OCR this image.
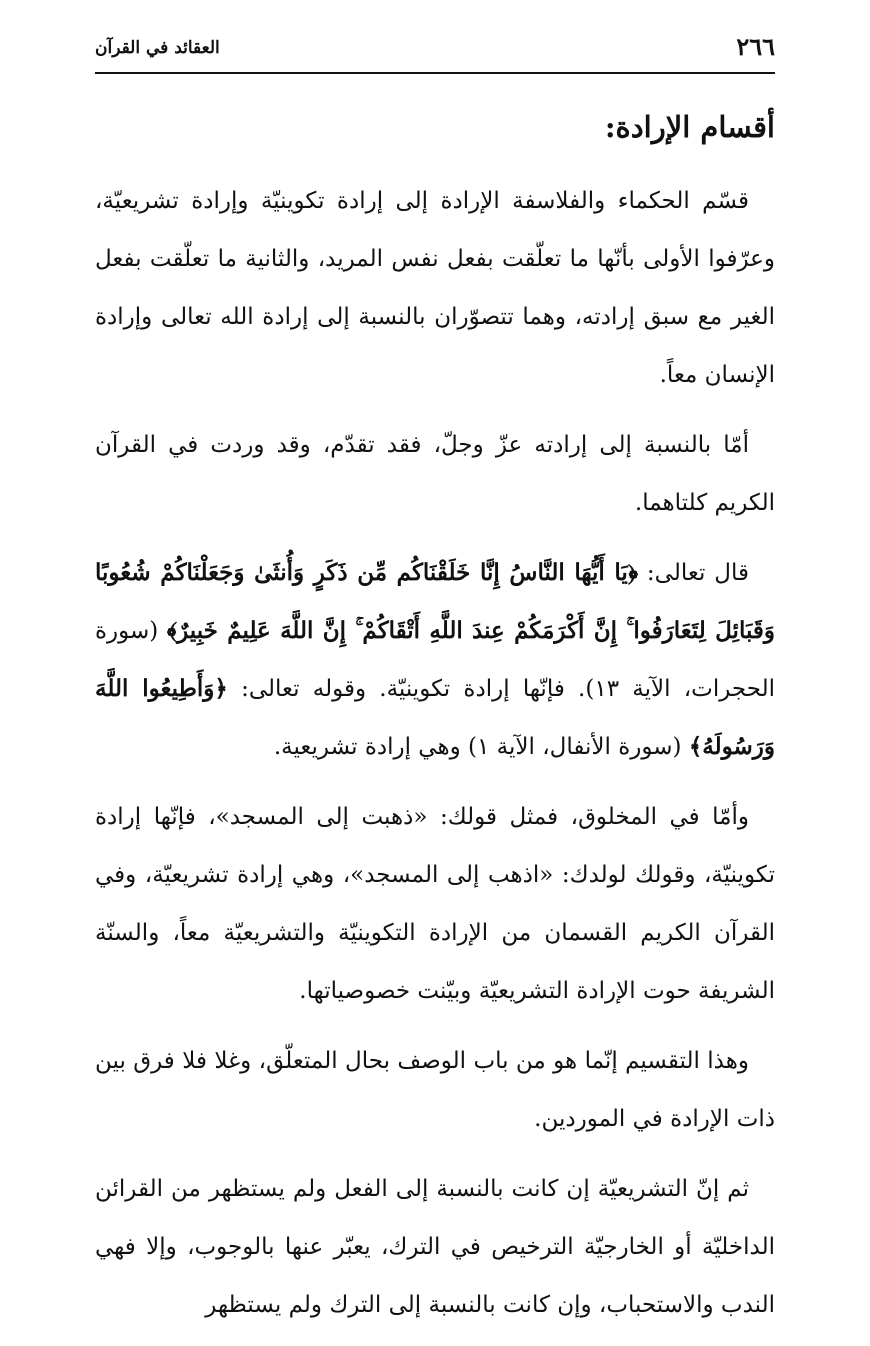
٢٦٦
العقائد في القرآن
أقسام الإرادة:

قسّم الحكماء والفلاسفة الإرادة إلى إرادة تكوينيّة وإرادة تشريعيّة، وعرّفوا الأولى بأنّها ما تعلّقت بفعل نفس المريد، والثانية ما تعلّقت بفعل الغير مع سبق إرادته، وهما تتصوّران بالنسبة إلى إرادة الله تعالى وإرادة الإنسان معاً.

أمّا بالنسبة إلى إرادته عزّ وجلّ، فقد تقدّم، وقد وردت في القرآن الكريم كلتاهما.

قال تعالى: ﴿يَا أَيُّهَا النَّاسُ إِنَّا خَلَقْنَاكُم مِّن ذَكَرٍ وَأُنثَىٰ وَجَعَلْنَاكُمْ شُعُوبًا وَقَبَائِلَ لِتَعَارَفُوا ۚ إِنَّ أَكْرَمَكُمْ عِندَ اللَّهِ أَتْقَاكُمْ ۚ إِنَّ اللَّهَ عَلِيمٌ خَبِيرٌ﴾ (سورة الحجرات، الآية ١٣). فإنّها إرادة تكوينيّة. وقوله تعالى: ﴿وَأَطِيعُوا اللَّهَ وَرَسُولَهُ﴾ (سورة الأنفال، الآية ١) وهي إرادة تشريعية.

وأمّا في المخلوق، فمثل قولك: «ذهبت إلى المسجد»، فإنّها إرادة تكوينيّة، وقولك لولدك: «اذهب إلى المسجد»، وهي إرادة تشريعيّة، وفي القرآن الكريم القسمان من الإرادة التكوينيّة والتشريعيّة معاً، والسنّة الشريفة حوت الإرادة التشريعيّة وبيّنت خصوصياتها.

وهذا التقسيم إنّما هو من باب الوصف بحال المتعلّق، وغلا فلا فرق بين ذات الإرادة في الموردين.

ثم إنّ التشريعيّة إن كانت بالنسبة إلى الفعل ولم يستظهر من القرائن الداخليّة أو الخارجيّة الترخيص في الترك، يعبّر عنها بالوجوب، وإلا فهي الندب والاستحباب، وإن كانت بالنسبة إلى الترك ولم يستظهر
